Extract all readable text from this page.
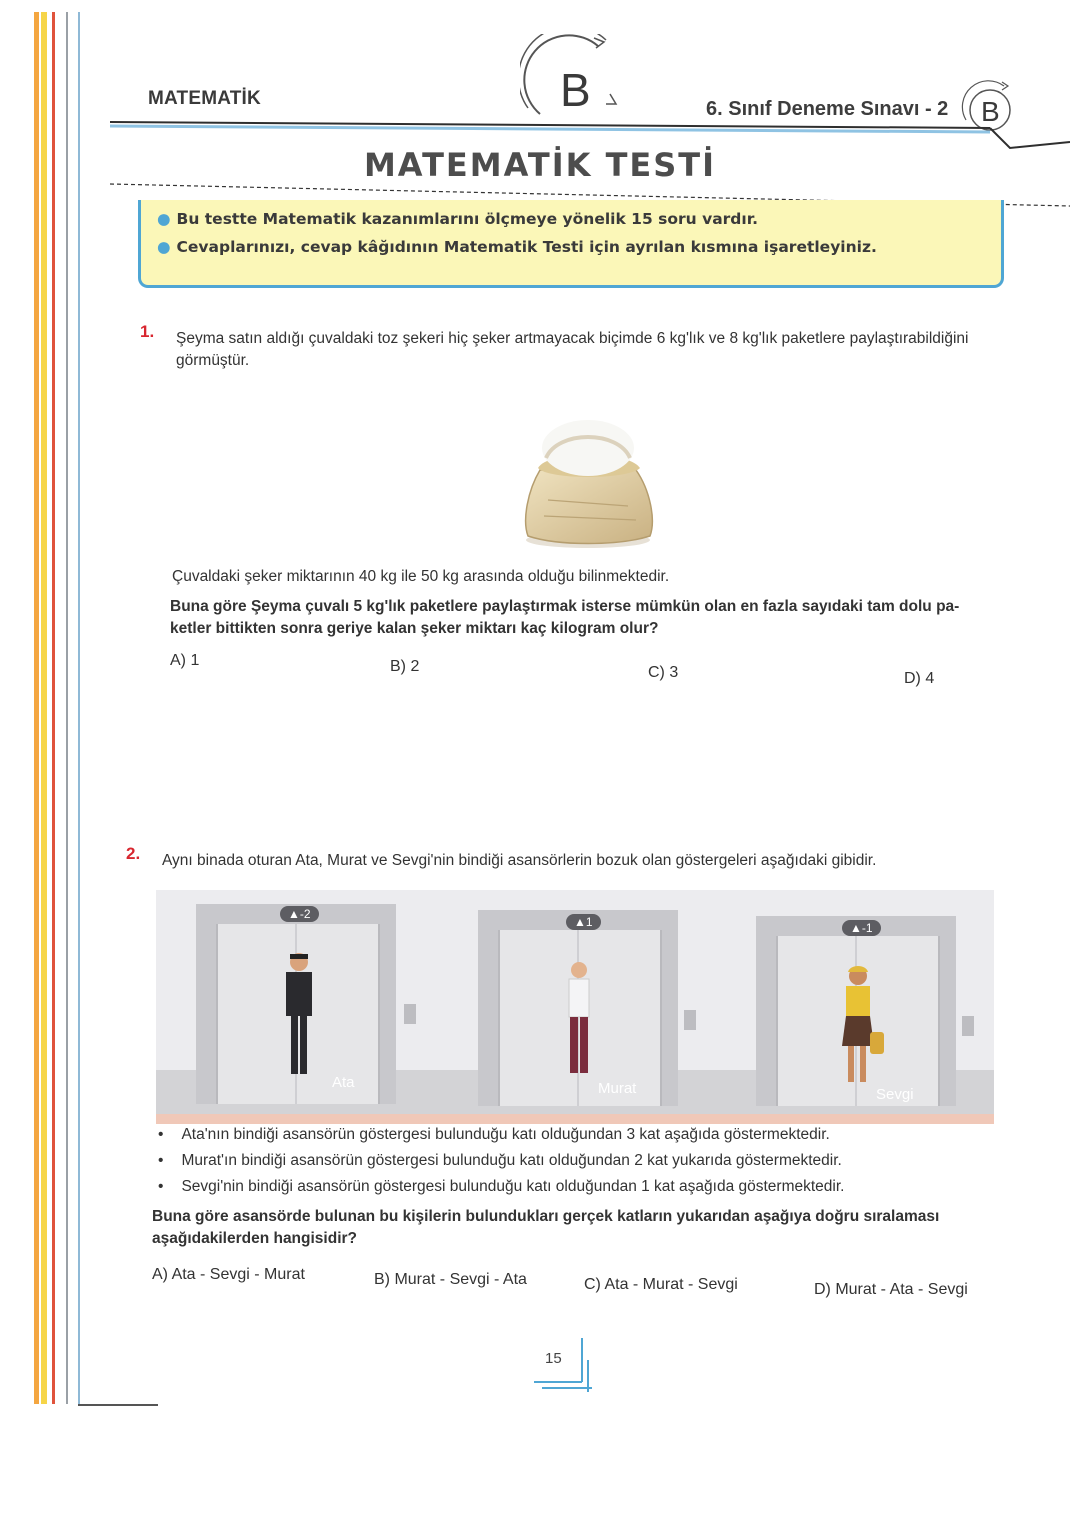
MATEMATİK	B	6. Sınıf Deneme Sınavı - 2 B
MATEMATİK TESTİ
● Bu testte Matematik kazanımlarını ölçmeye yönelik 15 soru vardır.
● Cevaplarınızı, cevap kâğıdının Matematik Testi için ayrılan kısmına işaretleyiniz.
1. Şeyma satın aldığı çuvaldaki toz şekeri hiç şeker artmayacak biçimde 6 kg'lık ve 8 kg'lık paketlere paylaştırabildiğini
görmüştür.
Çuvaldaki şeker miktarının 40 kg ile 50 kg arasında olduğu bilinmektedir.
Buna göre Şeyma çuvalı 5 kg'lık paketlere paylaştırmak isterse mümkün olan en fazla sayıdaki tam dolu pa-
ketler bittikten sonra geriye kalan şeker miktarı kaç kilogram olur?
A) 1	B) 2	C) 3	D) 4
2. Aynı binada oturan Ata, Murat ve Sevgi'nin bindiği asansörlerin bozuk olan göstergeleri aşağıdaki gibidir.
▲-2
Ata
▲1
Murat
▲-1
Sevgi
• Ata'nın bindiği asansörün göstergesi bulunduğu katı olduğundan 3 kat aşağıda göstermektedir.
• Murat'ın bindiği asansörün göstergesi bulunduğu katı olduğundan 2 kat yukarıda göstermektedir.
• Sevgi'nin bindiği asansörün göstergesi bulunduğu katı olduğundan 1 kat aşağıda göstermektedir.
Buna göre asansörde bulunan bu kişilerin bulundukları gerçek katların yukarıdan aşağıya doğru sıralaması
aşağıdakilerden hangisidir?
A) Ata - Sevgi - Murat	B) Murat - Sevgi - Ata	C) Ata - Murat - Sevgi	D) Murat - Ata - Sevgi
15
